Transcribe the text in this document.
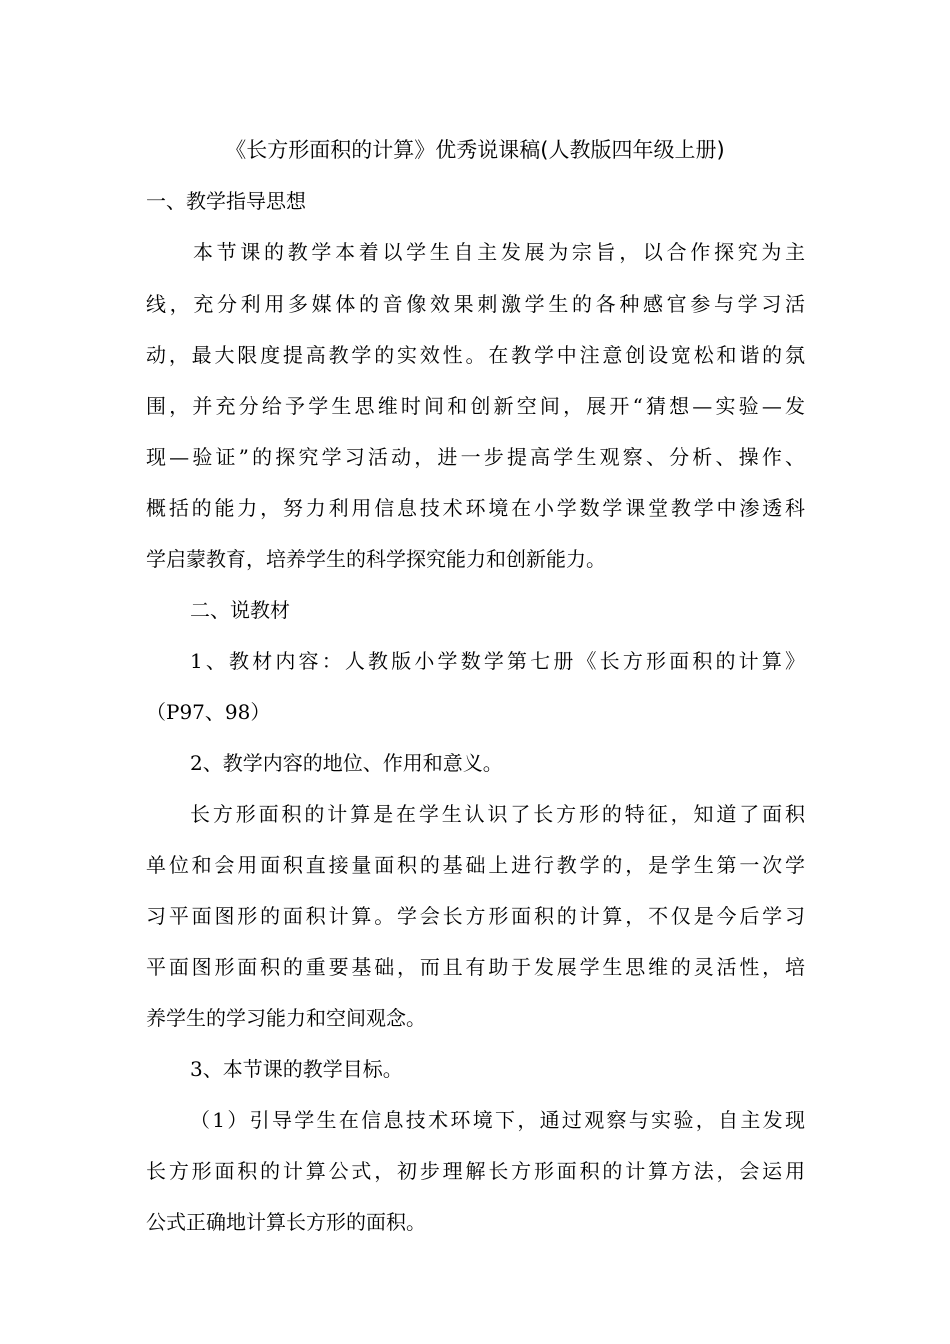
《长方形面积的计算》优秀说课稿(人教版四年级上册)
一、教学指导思想
本节课的教学本着以学生自主发展为宗旨，以合作探究为主
线，充分利用多媒体的音像效果刺激学生的各种感官参与学习活
动，最大限度提高教学的实效性。在教学中注意创设宽松和谐的氛
围，并充分给予学生思维时间和创新空间，展开“猜想—实验—发
现—验证”的探究学习活动，进一步提高学生观察、分析、操作、
概括的能力，努力利用信息技术环境在小学数学课堂教学中渗透科
学启蒙教育，培养学生的科学探究能力和创新能力。
二、说教材
1、教材内容：人教版小学数学第七册《长方形面积的计算》
（P97、98）
2、教学内容的地位、作用和意义。
长方形面积的计算是在学生认识了长方形的特征，知道了面积
单位和会用面积直接量面积的基础上进行教学的，是学生第一次学
习平面图形的面积计算。学会长方形面积的计算，不仅是今后学习
平面图形面积的重要基础，而且有助于发展学生思维的灵活性，培
养学生的学习能力和空间观念。
3、本节课的教学目标。
（1）引导学生在信息技术环境下，通过观察与实验，自主发现
长方形面积的计算公式，初步理解长方形面积的计算方法，会运用
公式正确地计算长方形的面积。
